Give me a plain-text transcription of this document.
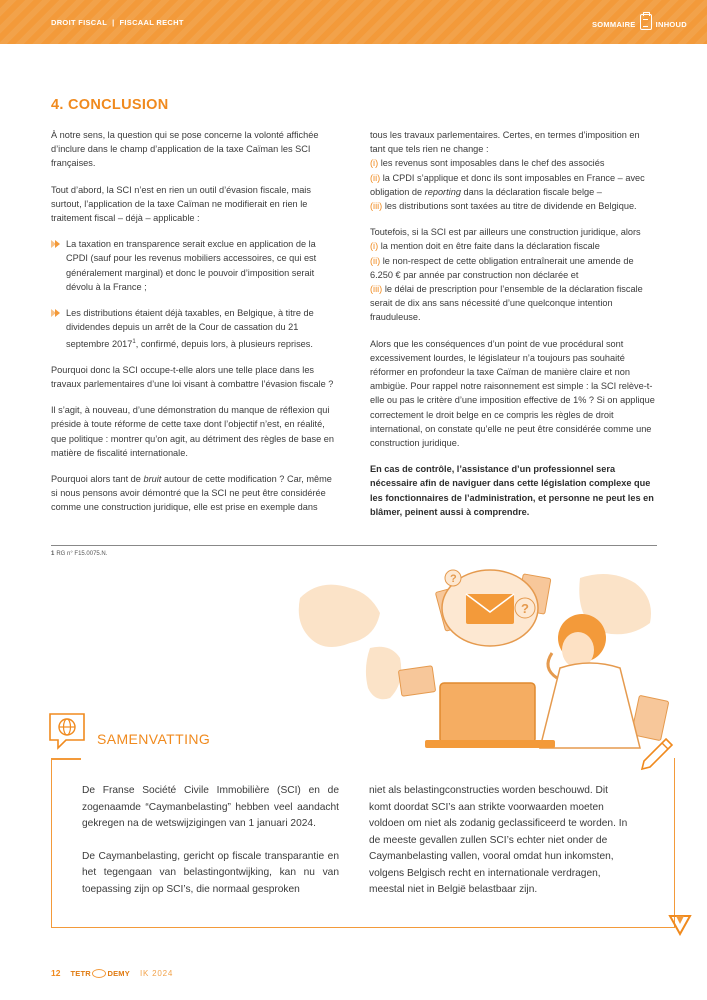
DROIT FISCAL | FISCAAL RECHT	SOMMAIRE	INHOUD
4. CONCLUSION

À notre sens, la question qui se pose concerne la volonté affichée d’inclure dans le champ d’application de la taxe Caïman les SCI françaises.

Tout d’abord, la SCI n’est en rien un outil d’évasion fiscale, mais surtout, l’application de la taxe Caïman ne modifierait en rien le traitement fiscal – déjà – applicable :

La taxation en transparence serait exclue en application de la CPDI (sauf pour les revenus mobiliers accessoires, ce qui est généralement marginal) et donc le pouvoir d’imposition serait dévolu à la France ;
Les distributions étaient déjà taxables, en Belgique, à titre de dividendes depuis un arrêt de la Cour de cassation du 21 septembre 2017$^1$, confirmé, depuis lors, à plusieurs reprises.

Pourquoi donc la SCI occupe-t-elle alors une telle place dans les travaux parlementaires d’une loi visant à combattre l’évasion fiscale ?

Il s’agit, à nouveau, d’une démonstration du manque de réflexion qui préside à toute réforme de cette taxe dont l’objectif n’est, en réalité, que politique : montrer qu’on agit, au détriment des règles de base en matière de fiscalité internationale.

Pourquoi alors tant de bruit autour de cette modification ? Car, même si nous pensons avoir démontré que la SCI ne peut être considérée comme une construction juridique, elle est prise en exemple dans

tous les travaux parlementaires. Certes, en termes d’imposition en tant que tels rien ne change :
(i) les revenus sont imposables dans le chef des associés
(ii) la CPDI s’applique et donc ils sont imposables en France – avec obligation de reporting dans la déclaration fiscale belge –
(iii) les distributions sont taxées au titre de dividende en Belgique.
Toutefois, si la SCI est par ailleurs une construction juridique, alors
(i) la mention doit en être faite dans la déclaration fiscale
(ii) le non-respect de cette obligation entraînerait une amende de 6.250 € par année par construction non déclarée et
(iii) le délai de prescription pour l’ensemble de la déclaration fiscale serait de dix ans sans nécessité d’une quelconque intention frauduleuse.

Alors que les conséquences d’un point de vue procédural sont excessivement lourdes, le législateur n’a toujours pas souhaité réformer en profondeur la taxe Caïman de manière claire et non ambigüe. Pour rappel notre raisonnement est simple : la SCI relève-t-elle ou pas le critère d’une imposition effective de 1% ? Si on applique correctement le droit belge en ce compris les règles de droit international, on constate qu’elle ne peut être considérée comme une construction juridique.

En cas de contrôle, l’assistance d’un professionnel sera nécessaire afin de naviguer dans cette législation complexe que les fonctionnaires de l’administration, et personne ne peut les en blâmer, peinent aussi à comprendre.

1 RG n° F15.0075.N.
?
?
SAMENVATTING

De Franse Société Civile Immobilière (SCI) en de zogenaamde “Caymanbelasting” hebben veel aandacht gekregen na de wetswijzigingen van 1 januari 2024.

De Caymanbelasting, gericht op fiscale transparantie en het tegengaan van belastingontwijking, kan nu van toepassing zijn op SCI’s, die normaal gesproken

niet als belastingconstructies worden beschouwd. Dit komt doordat SCI’s aan strikte voorwaarden moeten voldoen om niet als zodanig geclassificeerd te worden. In de meeste gevallen zullen SCI’s echter niet onder de Caymanbelasting vallen, vooral omdat hun inkomsten, volgens Belgisch recht en internationale verdragen, meestal niet in België belastbaar zijn.

12 TETR DEMY IK 2024
